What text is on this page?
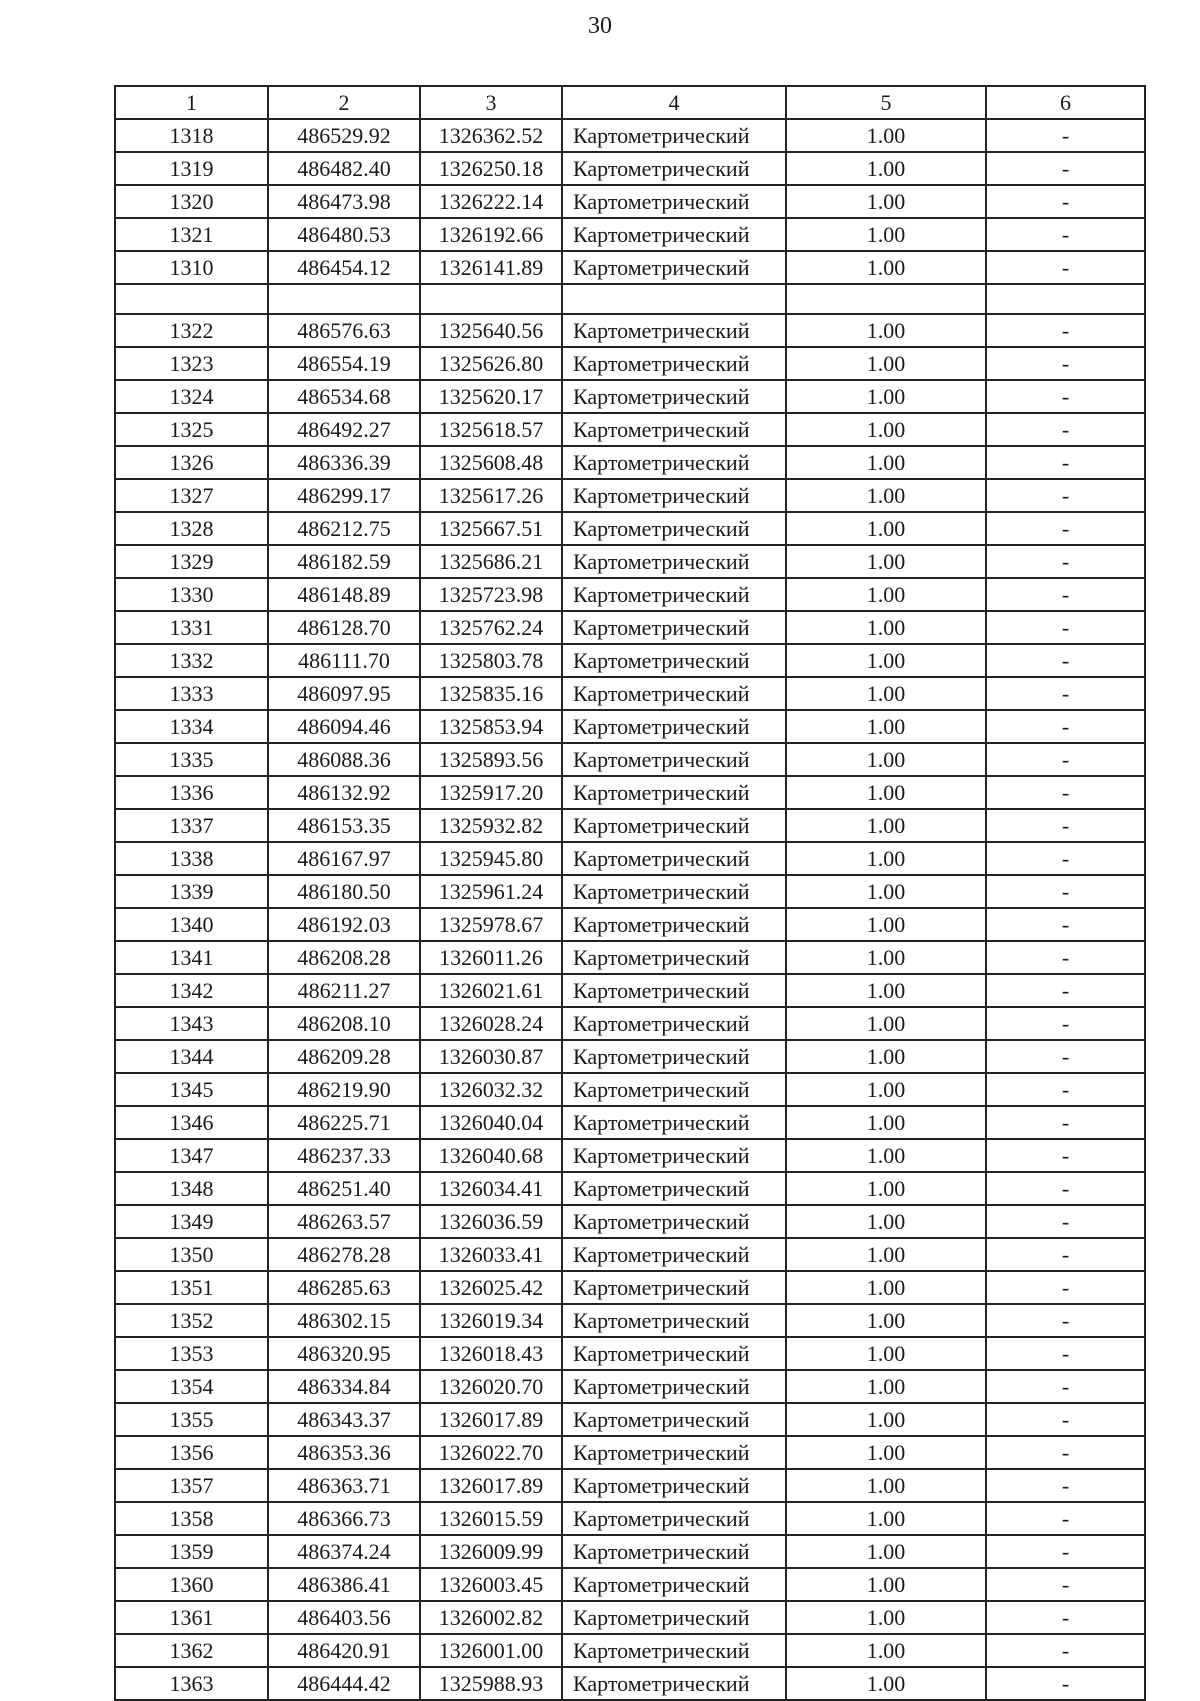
30
1	2	3	4	5	6
1318	486529.92	1326362.52	Картометрический	1.00	-
1319	486482.40	1326250.18	Картометрический	1.00	-
1320	486473.98	1326222.14	Картометрический	1.00	-
1321	486480.53	1326192.66	Картометрический	1.00	-
1310	486454.12	1326141.89	Картометрический	1.00	-

1322	486576.63	1325640.56	Картометрический	1.00	-
1323	486554.19	1325626.80	Картометрический	1.00	-
1324	486534.68	1325620.17	Картометрический	1.00	-
1325	486492.27	1325618.57	Картометрический	1.00	-
1326	486336.39	1325608.48	Картометрический	1.00	-
1327	486299.17	1325617.26	Картометрический	1.00	-
1328	486212.75	1325667.51	Картометрический	1.00	-
1329	486182.59	1325686.21	Картометрический	1.00	-
1330	486148.89	1325723.98	Картометрический	1.00	-
1331	486128.70	1325762.24	Картометрический	1.00	-
1332	486111.70	1325803.78	Картометрический	1.00	-
1333	486097.95	1325835.16	Картометрический	1.00	-
1334	486094.46	1325853.94	Картометрический	1.00	-
1335	486088.36	1325893.56	Картометрический	1.00	-
1336	486132.92	1325917.20	Картометрический	1.00	-
1337	486153.35	1325932.82	Картометрический	1.00	-
1338	486167.97	1325945.80	Картометрический	1.00	-
1339	486180.50	1325961.24	Картометрический	1.00	-
1340	486192.03	1325978.67	Картометрический	1.00	-
1341	486208.28	1326011.26	Картометрический	1.00	-
1342	486211.27	1326021.61	Картометрический	1.00	-
1343	486208.10	1326028.24	Картометрический	1.00	-
1344	486209.28	1326030.87	Картометрический	1.00	-
1345	486219.90	1326032.32	Картометрический	1.00	-
1346	486225.71	1326040.04	Картометрический	1.00	-
1347	486237.33	1326040.68	Картометрический	1.00	-
1348	486251.40	1326034.41	Картометрический	1.00	-
1349	486263.57	1326036.59	Картометрический	1.00	-
1350	486278.28	1326033.41	Картометрический	1.00	-
1351	486285.63	1326025.42	Картометрический	1.00	-
1352	486302.15	1326019.34	Картометрический	1.00	-
1353	486320.95	1326018.43	Картометрический	1.00	-
1354	486334.84	1326020.70	Картометрический	1.00	-
1355	486343.37	1326017.89	Картометрический	1.00	-
1356	486353.36	1326022.70	Картометрический	1.00	-
1357	486363.71	1326017.89	Картометрический	1.00	-
1358	486366.73	1326015.59	Картометрический	1.00	-
1359	486374.24	1326009.99	Картометрический	1.00	-
1360	486386.41	1326003.45	Картометрический	1.00	-
1361	486403.56	1326002.82	Картометрический	1.00	-
1362	486420.91	1326001.00	Картометрический	1.00	-
1363	486444.42	1325988.93	Картометрический	1.00	-
